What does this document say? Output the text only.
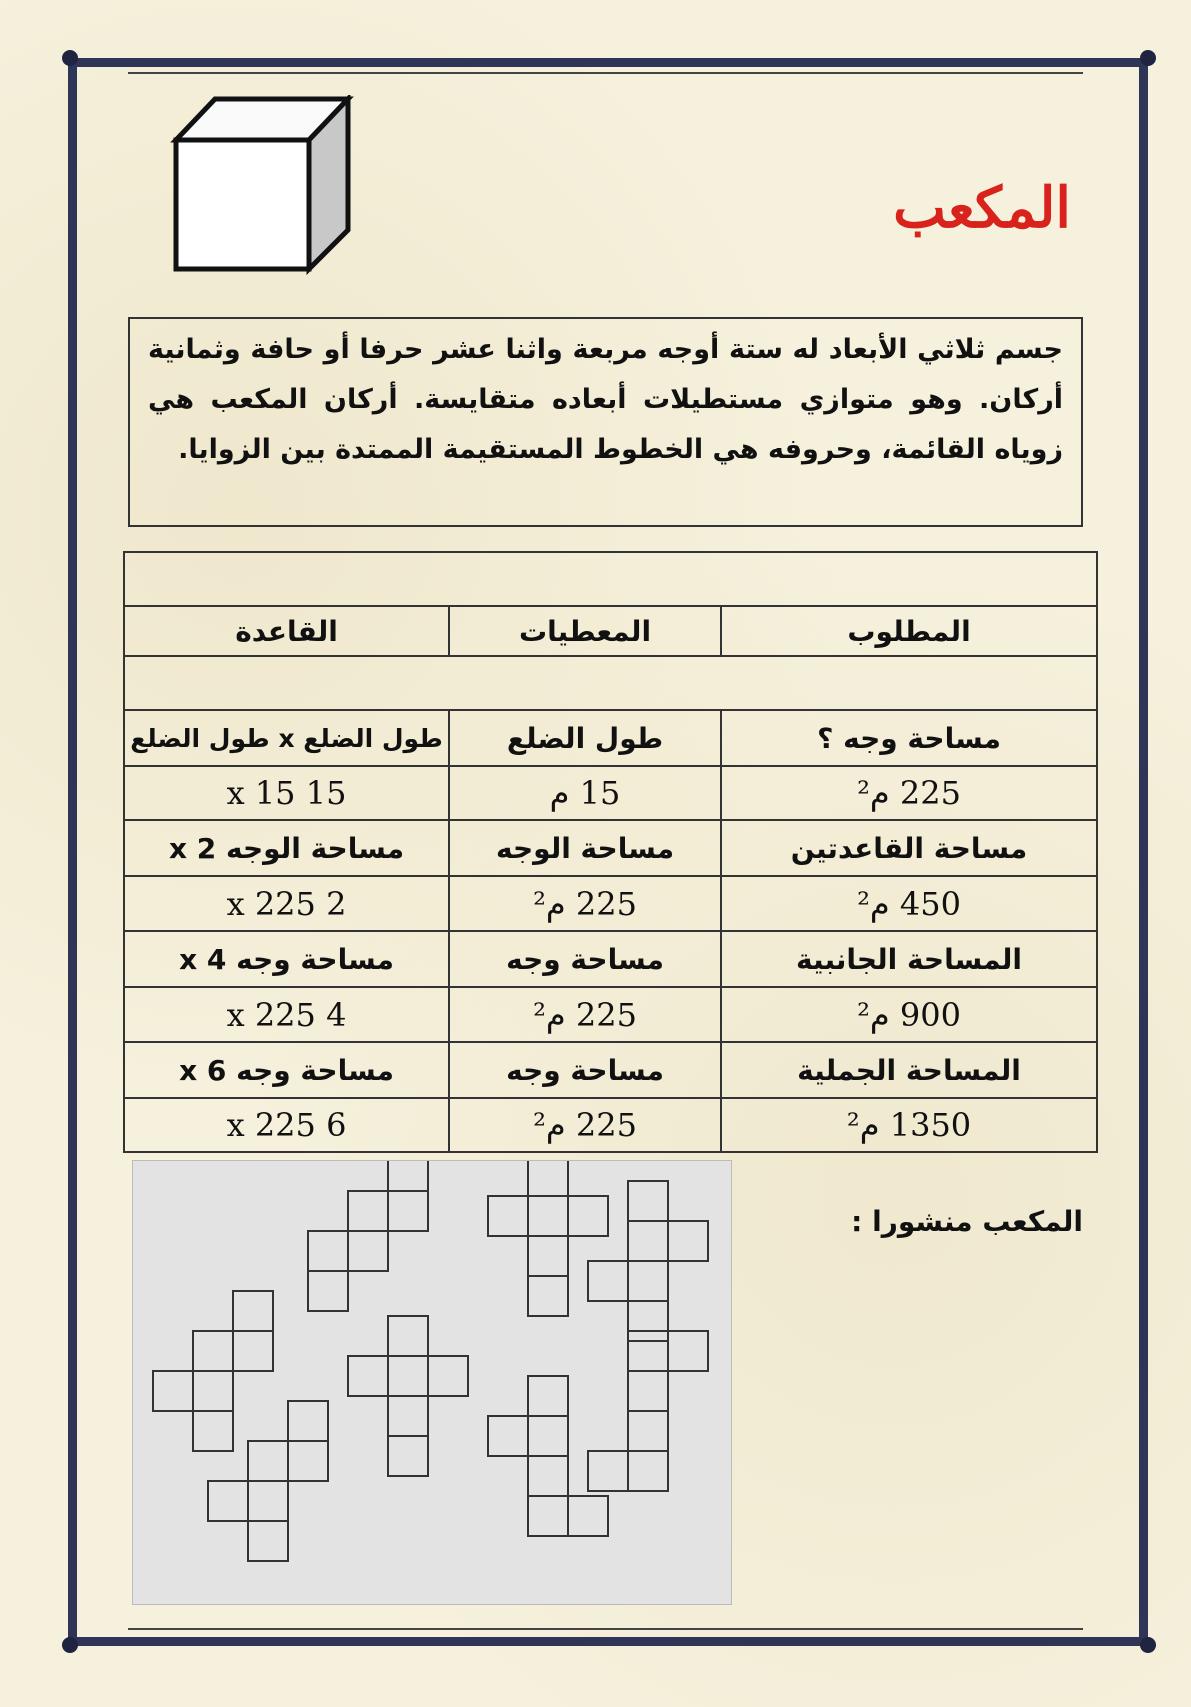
المكعب
جسم ثلاثي الأبعاد له ستة أوجه مربعة واثنا عشر حرفا أو حافة وثمانية أركان. وهو متوازي مستطيلات أبعاده متقايسة. أركان المكعب هي زوياه القائمة، وحروفه هي الخطوط المستقيمة الممتدة بين الزوايا.

المطلوب	المعطيات	القاعدة

مساحة وجه ؟	طول الضلع	طول الضلع x طول الضلع
225 م²	15 م	15 x 15
مساحة القاعدتين	مساحة الوجه	مساحة الوجه x 2
450 م²	225 م²	2 x 225
المساحة الجانبية	مساحة وجه	مساحة وجه x 4
900 م²	225 م²	4 x 225
المساحة الجملية	مساحة وجه	مساحة وجه x 6
1350 م²	225 م²	6 x 225
المكعب منشورا :
